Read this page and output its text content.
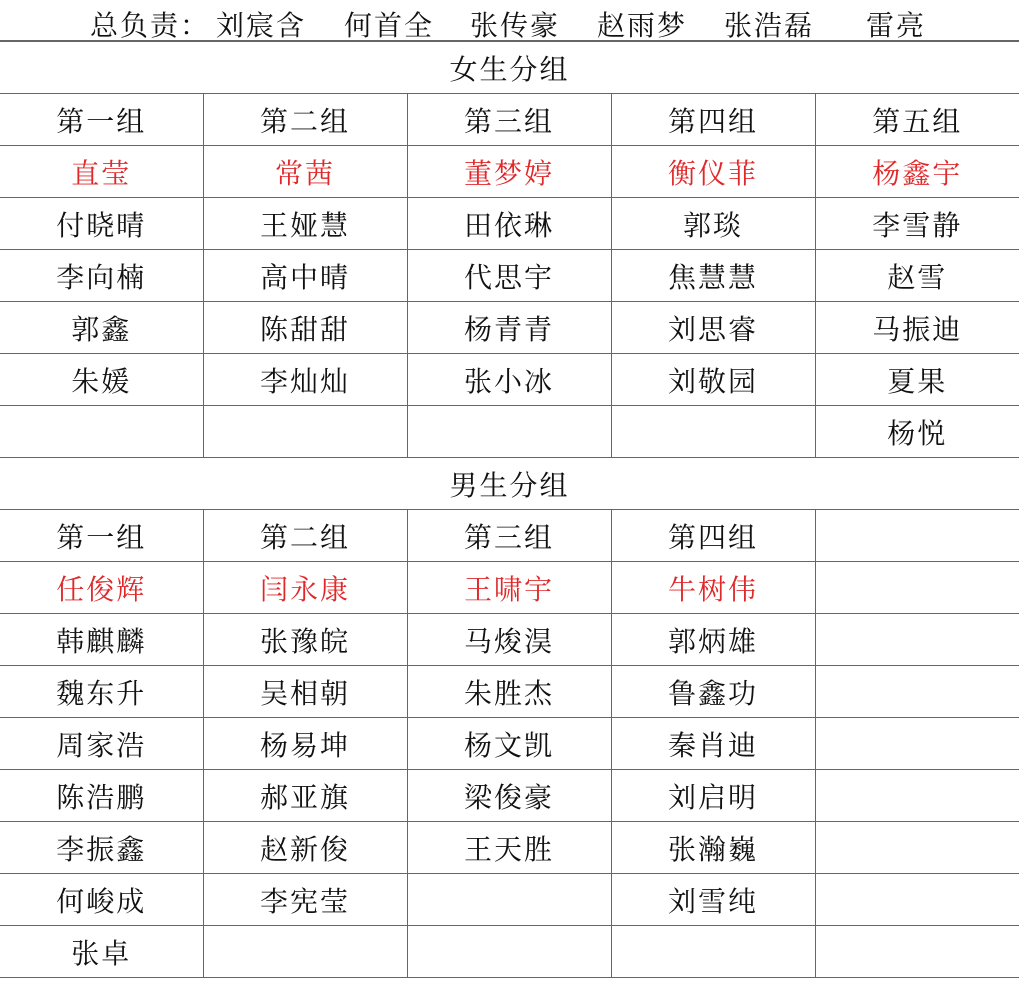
总负责： 刘宸含 何首全 张传豪 赵雨梦 张浩磊 雷亮
女生分组				
第一组	第二组	第三组	第四组	第五组
直莹	常茜	董梦婷	衡仪菲	杨鑫宇
付晓晴	王娅慧	田依琳	郭琰	李雪静
李向楠	高中晴	代思宇	焦慧慧	赵雪
郭鑫	陈甜甜	杨青青	刘思睿	马振迪
朱媛	李灿灿	张小冰	刘敬园	夏果
				杨悦
男生分组				
第一组	第二组	第三组	第四组	
任俊辉	闫永康	王啸宇	牛树伟	
韩麒麟	张豫皖	马焌淏	郭炳雄	
魏东升	吴相朝	朱胜杰	鲁鑫功	
周家浩	杨易坤	杨文凯	秦肖迪	
陈浩鹏	郝亚旗	梁俊豪	刘启明	
李振鑫	赵新俊	王天胜	张瀚巍	
何峻成	李宪莹		刘雪纯	
张卓				
